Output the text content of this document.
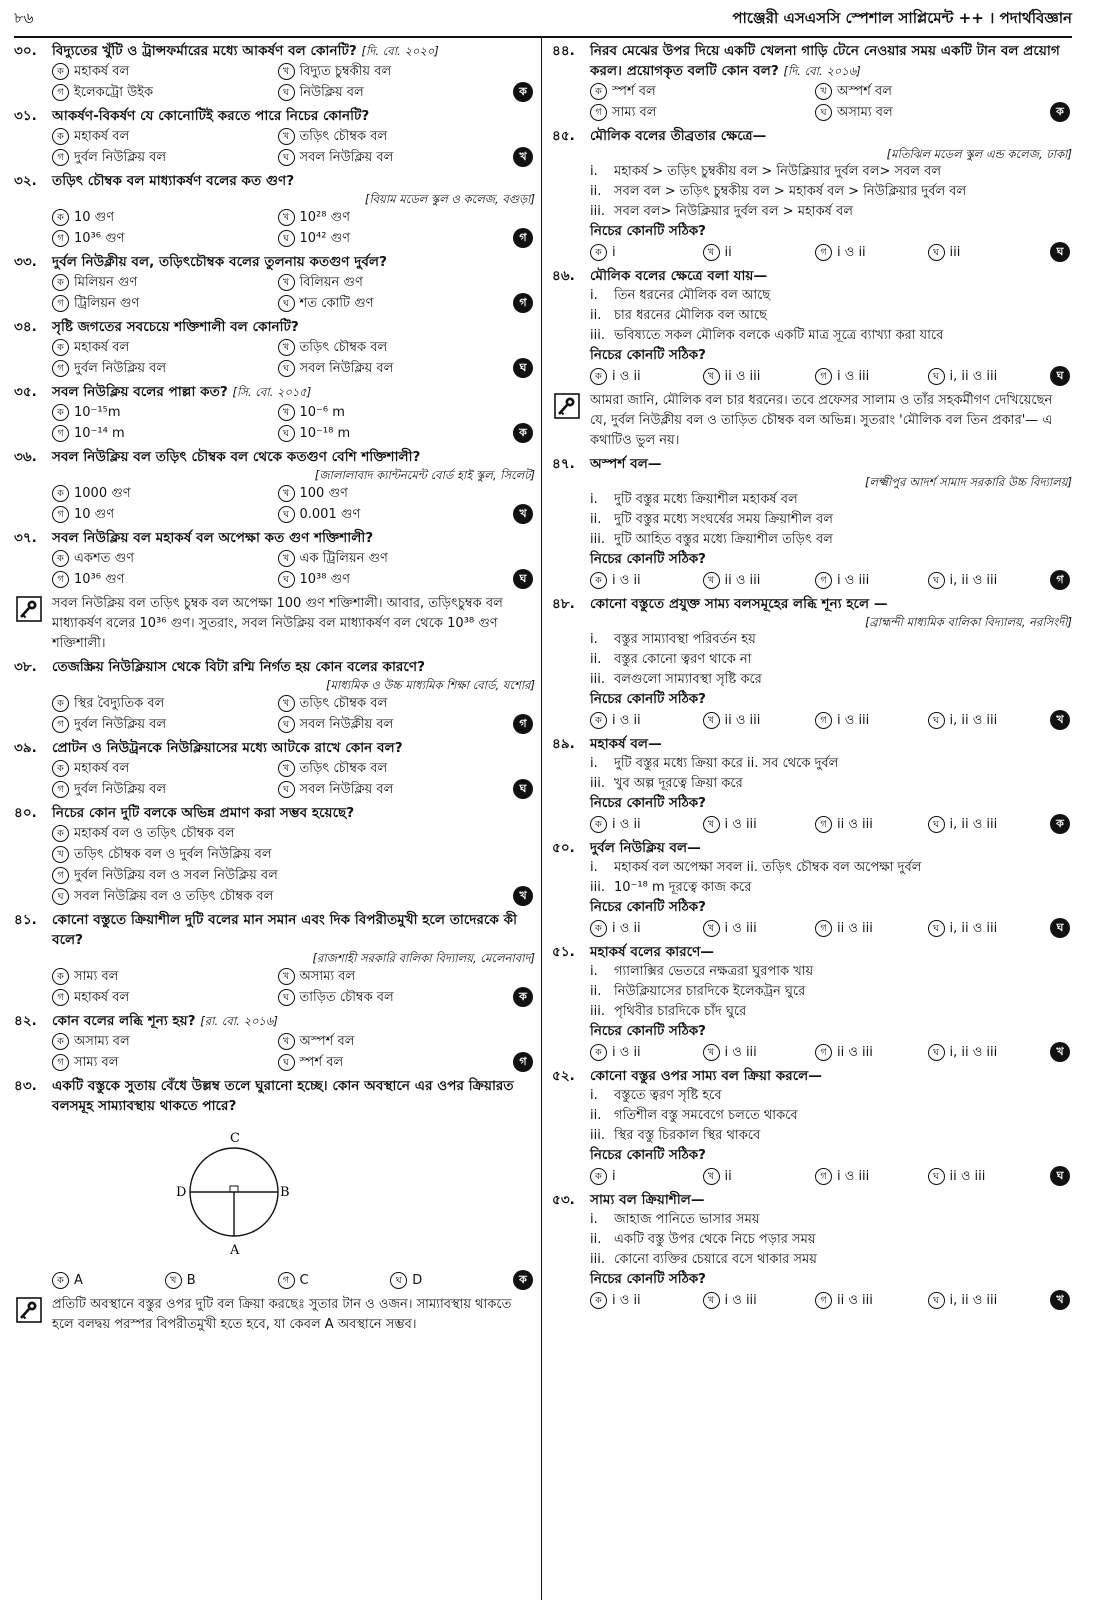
৮৬	পাঞ্জেরী এসএসসি স্পেশাল সাপ্লিমেন্ট ++ । পদার্থবিজ্ঞান
৩০.	বিদ্যুতের খুঁটি ও ট্রান্সফর্মারের মধ্যে আকর্ষণ বল কোনটি? [দি. বো. ২০২০]
ক মহাকর্ষ বল	খ বিদ্যুত চুম্বকীয় বল
গ ইলেকট্রো উইক	ঘ নিউক্লিয় বল	ক
৩১.	আকর্ষণ-বিকর্ষণ যে কোনোটিই করতে পারে নিচের কোনটি?
ক মহাকর্ষ বল	খ তড়িৎ চৌম্বক বল
গ দুর্বল নিউক্লিয় বল	ঘ সবল নিউক্লিয় বল	খ
৩২.	তড়িৎ চৌম্বক বল মাধ্যাকর্ষণ বলের কত গুণ?
[বিয়াম মডেল স্কুল ও কলেজ, বগুড়া]
ক 10 গুণ	খ 10²⁸ গুণ
গ 10³⁶ গুণ	ঘ 10⁴² গুণ	গ
৩৩.	দুর্বল নিউক্লীয় বল, তড়িৎচৌম্বক বলের তুলনায় কতগুণ দুর্বল?
ক মিলিয়ন গুণ	খ বিলিয়ন গুণ
গ ট্রিলিয়ন গুণ	ঘ শত কোটি গুণ	গ
৩৪.	সৃষ্টি জগতের সবচেয়ে শক্তিশালী বল কোনটি?
ক মহাকর্ষ বল	খ তড়িৎ চৌম্বক বল
গ দুর্বল নিউক্লিয় বল	ঘ সবল নিউক্লিয় বল	ঘ
৩৫.	সবল নিউক্লিয় বলের পাল্লা কত? [সি. বো. ২০১৫]
ক 10⁻¹⁵m	খ 10⁻⁶ m
গ 10⁻¹⁴ m	ঘ 10⁻¹⁸ m	ক
৩৬.	সবল নিউক্লিয় বল তড়িৎ চৌম্বক বল থেকে কতগুণ বেশি শক্তিশালী?
[জালালাবাদ ক্যান্টনমেন্ট বোর্ড হাই স্কুল, সিলেট]
ক 1000 গুণ	খ 100 গুণ
গ 10 গুণ	ঘ 0.001 গুণ	খ
৩৭.	সবল নিউক্লিয় বল মহাকর্ষ বল অপেক্ষা কত গুণ শক্তিশালী?
ক একশত গুণ	খ এক ট্রিলিয়ন গুণ
গ 10³⁶ গুণ	ঘ 10³⁸ গুণ	ঘ
সবল নিউক্লিয় বল তড়িৎ চুম্বক বল অপেক্ষা 100 গুণ শক্তিশালী। আবার, তড়িৎচুম্বক বল মাধ্যাকর্ষণ বলের 10³⁶ গুণ। সুতরাং, সবল নিউক্লিয় বল মাধ্যাকর্ষণ বল থেকে 10³⁸ গুণ শক্তিশালী।
৩৮.	তেজস্ক্রিয় নিউক্লিয়াস থেকে বিটা রশ্মি নির্গত হয় কোন বলের কারণে?
[মাধ্যমিক ও উচ্চ মাধ্যমিক শিক্ষা বোর্ড, যশোর]
ক স্থির বৈদ্যুতিক বল	খ তড়িৎ চৌম্বক বল
গ দুর্বল নিউক্লিয় বল	ঘ সবল নিউক্লীয় বল	গ
৩৯.	প্রোটন ও নিউট্রনকে নিউক্লিয়াসের মধ্যে আটকে রাখে কোন বল?
ক মহাকর্ষ বল	খ তড়িৎ চৌম্বক বল
গ দুর্বল নিউক্লিয় বল	ঘ সবল নিউক্লিয় বল	ঘ
৪০.	নিচের কোন দুটি বলকে অভিন্ন প্রমাণ করা সম্ভব হয়েছে?
ক মহাকর্ষ বল ও তড়িৎ চৌম্বক বল
খ তড়িৎ চৌম্বক বল ও দুর্বল নিউক্লিয় বল
গ দুর্বল নিউক্লিয় বল ও সবল নিউক্লিয় বল
ঘ সবল নিউক্লিয় বল ও তড়িৎ চৌম্বক বল	খ
৪১.	কোনো বস্তুতে ক্রিয়াশীল দুটি বলের মান সমান এবং দিক বিপরীতমুখী হলে তাদেরকে কী বলে?
[রাজশাহী সরকারি বালিকা বিদ্যালয়, মেলেনাবাদ]
ক সাম্য বল	খ অসাম্য বল
গ মহাকর্ষ বল	ঘ তাড়িত চৌম্বক বল	ক
৪২.	কোন বলের লব্ধি শূন্য হয়? [রা. বো. ২০১৬]
ক অসাম্য বল	খ অস্পর্শ বল
গ সাম্য বল	ঘ স্পর্শ বল	গ
৪৩.	একটি বস্তুকে সুতায় বেঁধে উল্লম্ব তলে ঘুরানো হচ্ছে। কোন অবস্থানে এর ওপর ক্রিয়ারত বলসমূহ সাম্যাবস্থায় থাকতে পারে?
C
D	B
A
ক A	খ B	গ C	ঘ D	ক
প্রতিটি অবস্থানে বস্তুর ওপর দুটি বল ক্রিয়া করছেঃ সুতার টান ও ওজন। সাম্যাবস্থায় থাকতে হলে বলদ্বয় পরস্পর বিপরীতমুখী হতে হবে, যা কেবল A অবস্থানে সম্ভব।
৪৪.	নিরব মেঝের উপর দিয়ে একটি খেলনা গাড়ি টেনে নেওয়ার সময় একটি টান বল প্রয়োগ করল। প্রয়োগকৃত বলটি কোন বল? [দি. বো. ২০১৬]
ক স্পর্শ বল	খ অস্পর্শ বল
গ সাম্য বল	ঘ অসাম্য বল	ক
৪৫.	মৌলিক বলের তীব্রতার ক্ষেত্রে—
[মতিঝিল মডেল স্কুল এন্ড কলেজ, ঢাকা]
i. মহাকর্ষ > তড়িৎ চুম্বকীয় বল > নিউক্লিয়ার দুর্বল বল> সবল বল
ii. সবল বল > তড়িৎ চুম্বকীয় বল > মহাকর্ষ বল > নিউক্লিয়ার দুর্বল বল
iii. সবল বল> নিউক্লিয়ার দুর্বল বল > মহাকর্ষ বল
নিচের কোনটি সঠিক?
ক i	খ ii	গ i ও ii	ঘ iii	ঘ
৪৬.	মৌলিক বলের ক্ষেত্রে বলা যায়—
i. তিন ধরনের মৌলিক বল আছে
ii. চার ধরনের মৌলিক বল আছে
iii. ভবিষ্যতে সকল মৌলিক বলকে একটি মাত্র সূত্রে ব্যাখ্যা করা যাবে
নিচের কোনটি সঠিক?
ক i ও ii	খ ii ও iii	গ i ও iii	ঘ i, ii ও iii	ঘ
আমরা জানি, মৌলিক বল চার ধরনের। তবে প্রফেসর সালাম ও তাঁর সহকর্মীগণ দেখিয়েছেন যে, দুর্বল নিউক্লীয় বল ও তাড়িত চৌম্বক বল অভিন্ন। সুতরাং 'মৌলিক বল তিন প্রকার'— এ কথাটিও ভুল নয়।
৪৭.	অস্পর্শ বল—
[লক্ষ্মীপুর আদর্শ সামাদ সরকারি উচ্চ বিদ্যালয়]
i. দুটি বস্তুর মধ্যে ক্রিয়াশীল মহাকর্ষ বল
ii. দুটি বস্তুর মধ্যে সংঘর্ষের সময় ক্রিয়াশীল বল
iii. দুটি আহিত বস্তুর মধ্যে ক্রিয়াশীল তড়িৎ বল
নিচের কোনটি সঠিক?
ক i ও ii	খ ii ও iii	গ i ও iii	ঘ i, ii ও iii	গ
৪৮.	কোনো বস্তুতে প্রযুক্ত সাম্য বলসমূহের লব্ধি শূন্য হলে —
[ব্রাহ্মন্দী মাধ্যমিক বালিকা বিদ্যালয়, নরসিংদী]
i. বস্তুর সাম্যাবস্থা পরিবর্তন হয়
ii. বস্তুর কোনো ত্বরণ থাকে না
iii. বলগুলো সাম্যাবস্থা সৃষ্টি করে
নিচের কোনটি সঠিক?
ক i ও ii	খ ii ও iii	গ i ও iii	ঘ i, ii ও iii	খ
৪৯.	মহাকর্ষ বল—
i. দুটি বস্তুর মধ্যে ক্রিয়া করে ii. সব থেকে দুর্বল
iii. খুব অল্প দূরত্বে ক্রিয়া করে
নিচের কোনটি সঠিক?
ক i ও ii	খ i ও iii	গ ii ও iii	ঘ i, ii ও iii	ক
৫০.	দুর্বল নিউক্লিয় বল—
i. মহাকর্ষ বল অপেক্ষা সবল ii. তড়িৎ চৌম্বক বল অপেক্ষা দুর্বল
iii. 10⁻¹⁸ m দূরত্বে কাজ করে
নিচের কোনটি সঠিক?
ক i ও ii	খ i ও iii	গ ii ও iii	ঘ i, ii ও iii	ঘ
৫১.	মহাকর্ষ বলের কারণে—
i. গ্যালাক্সির ভেতরে নক্ষত্ররা ঘুরপাক খায়
ii. নিউক্লিয়াসের চারদিকে ইলেকট্রন ঘুরে
iii. পৃথিবীর চারদিকে চাঁদ ঘুরে
নিচের কোনটি সঠিক?
ক i ও ii	খ i ও iii	গ ii ও iii	ঘ i, ii ও iii	খ
৫২.	কোনো বস্তুর ওপর সাম্য বল ক্রিয়া করলে—
i. বস্তুতে ত্বরণ সৃষ্টি হবে
ii. গতিশীল বস্তু সমবেগে চলতে থাকবে
iii. স্থির বস্তু চিরকাল স্থির থাকবে
নিচের কোনটি সঠিক?
ক i	খ ii	গ i ও iii	ঘ ii ও iii	ঘ
৫৩.	সাম্য বল ক্রিয়াশীল—
i. জাহাজ পানিতে ভাসার সময়
ii. একটি বস্তু উপর থেকে নিচে পড়ার সময়
iii. কোনো ব্যক্তির চেয়ারে বসে থাকার সময়
নিচের কোনটি সঠিক?
ক i ও ii	খ i ও iii	গ ii ও iii	ঘ i, ii ও iii	খ
